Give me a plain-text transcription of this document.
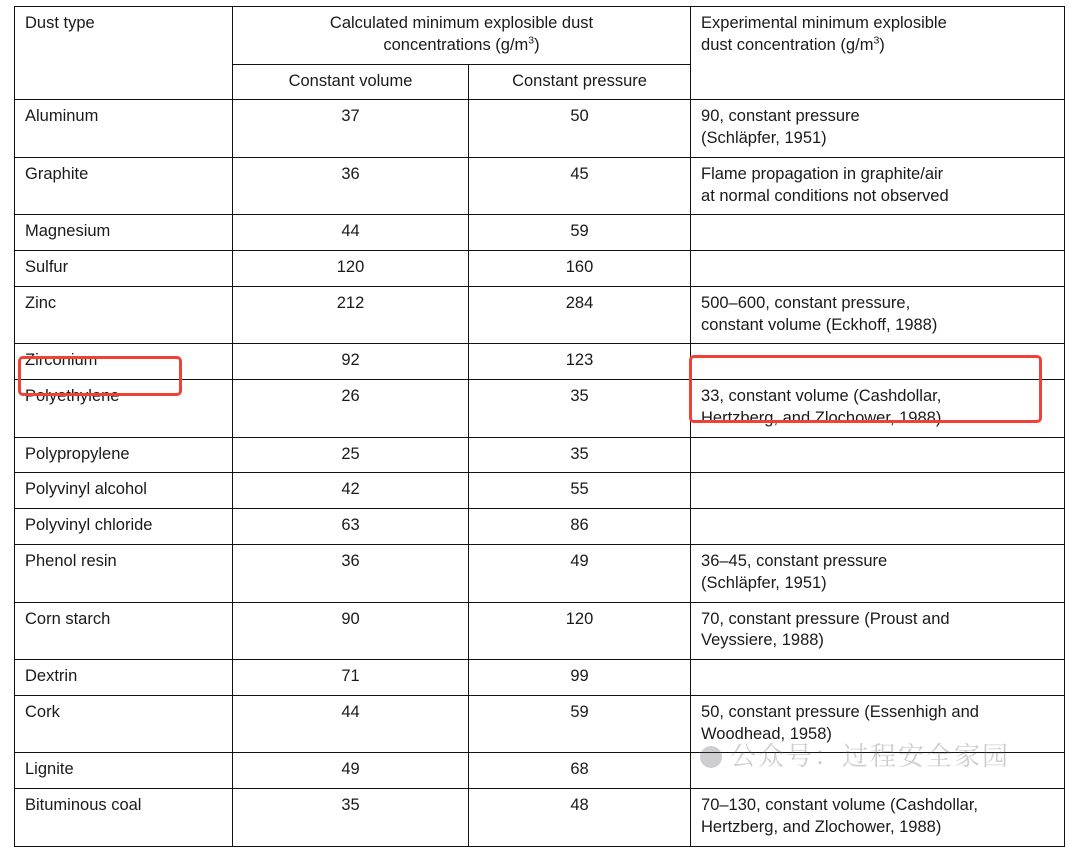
Dust type	Calculated minimum explosible dust
concentrations $(g/m^3)$		Experimental minimum explosible
dust concentration $(g/m^3)$
	Constant volume	Constant pressure	
Aluminum	37	50	90, constant pressure
(Schläpfer, 1951)
Graphite	36	45	Flame propagation in graphite/air
at normal conditions not observed
Magnesium	44	59	
Sulfur	120	160	
Zinc	212	284	500–600, constant pressure,
constant volume (Eckhoff, 1988)
Zirconium	92	123	
Polyethylene	26	35	33, constant volume (Cashdollar,
Hertzberg, and Zlochower, 1988)
Polypropylene	25	35	
Polyvinyl alcohol	42	55	
Polyvinyl chloride	63	86	
Phenol resin	36	49	36–45, constant pressure
(Schläpfer, 1951)
Corn starch	90	120	70, constant pressure (Proust and
Veyssiere, 1988)
Dextrin	71	99	
Cork	44	59	50, constant pressure (Essenhigh and
Woodhead, 1958)
Lignite	49	68	
Bituminous coal	35	48	70–130, constant volume (Cashdollar,
Hertzberg, and Zlochower, 1988)
公众号：过程安全家园
